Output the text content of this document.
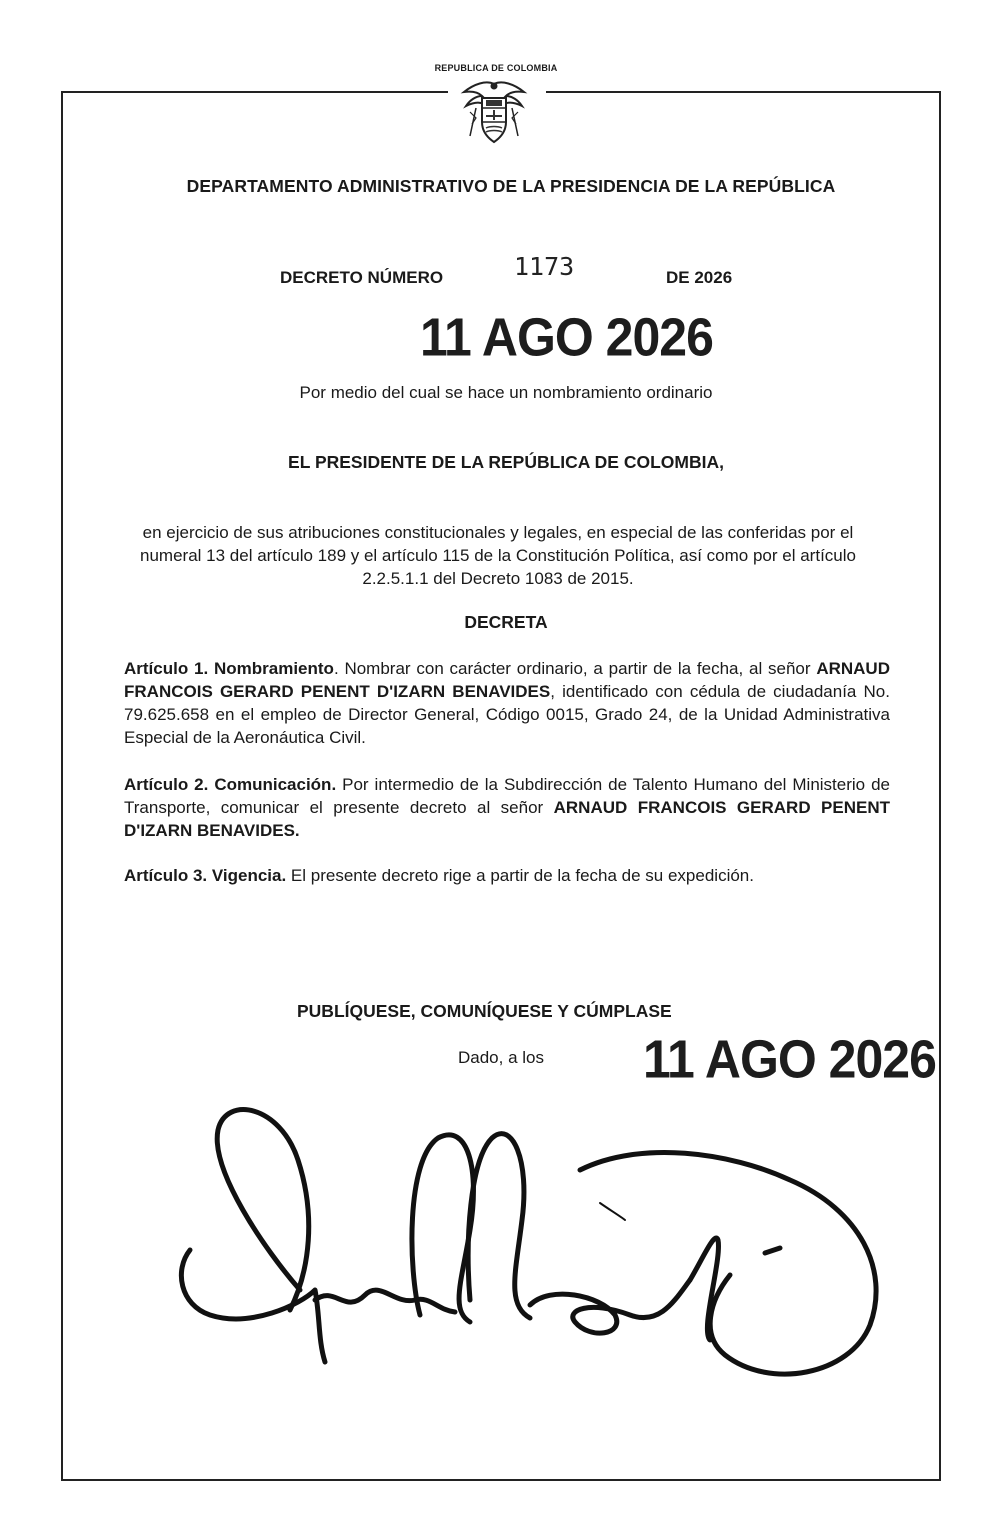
REPUBLICA DE COLOMBIA
DEPARTAMENTO ADMINISTRATIVO DE LA PRESIDENCIA DE LA REPÚBLICA
DECRETO NÚMERO	1173	DE 2026
11 AGO 2026
Por medio del cual se hace un nombramiento ordinario
EL PRESIDENTE DE LA REPÚBLICA DE COLOMBIA,
en ejercicio de sus atribuciones constitucionales y legales, en especial de las conferidas por el numeral 13 del artículo 189 y el artículo 115 de la Constitución Política, así como por el artículo 2.2.5.1.1 del Decreto 1083 de 2015.
DECRETA
Artículo 1. Nombramiento. Nombrar con carácter ordinario, a partir de la fecha, al señor ARNAUD FRANCOIS GERARD PENENT D'IZARN BENAVIDES, identificado con cédula de ciudadanía No. 79.625.658 en el empleo de Director General, Código 0015, Grado 24, de la Unidad Administrativa Especial de la Aeronáutica Civil.
Artículo 2. Comunicación. Por intermedio de la Subdirección de Talento Humano del Ministerio de Transporte, comunicar el presente decreto al señor ARNAUD FRANCOIS GERARD PENENT D'IZARN BENAVIDES.
Artículo 3. Vigencia. El presente decreto rige a partir de la fecha de su expedición.
PUBLÍQUESE, COMUNÍQUESE Y CÚMPLASE
Dado, a los 11 AGO 2026
